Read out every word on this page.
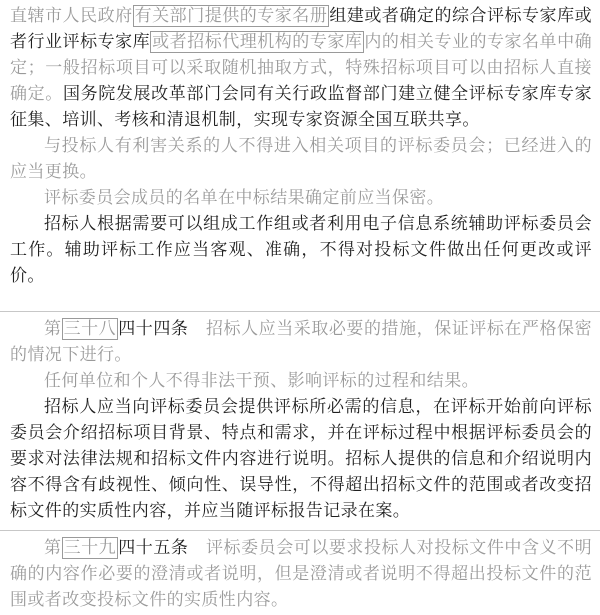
直辖市人民政府 有关部门提供的专家名册 组建或者确定的综合评标专家库或者行业评标专家库 或者招标代理机构的专家库 内的相关专业的专家名单中确定；一般招标项目可以采取随机抽取方式，特殊招标项目可以由招标人直接确定。国务院发展改革部门会同有关行政监督部门建立健全评标专家库专家征集、培训、考核和清退机制，实现专家资源全国互联共享。

与投标人有利害关系的人不得进入相关项目的评标委员会；已经进入的应当更换。

评标委员会成员的名单在中标结果确定前应当保密。

招标人根据需要可以组成工作组或者利用电子信息系统辅助评标委员会工作。辅助评标工作应当客观、准确，不得对投标文件做出任何更改或评价。

第 三十八 四十四条　招标人应当采取必要的措施，保证评标在严格保密的情况下进行。

任何单位和个人不得非法干预、影响评标的过程和结果。

招标人应当向评标委员会提供评标所必需的信息，在评标开始前向评标委员会介绍招标项目背景、特点和需求，并在评标过程中根据评标委员会的要求对法律法规和招标文件内容进行说明。招标人提供的信息和介绍说明内容不得含有歧视性、倾向性、误导性，不得超出招标文件的范围或者改变招标文件的实质性内容，并应当随评标报告记录在案。

第 三十九 四十五条　评标委员会可以要求投标人对投标文件中含义不明确的内容作必要的澄清或者说明，但是澄清或者说明不得超出投标文件的范围或者改变投标文件的实质性内容。
